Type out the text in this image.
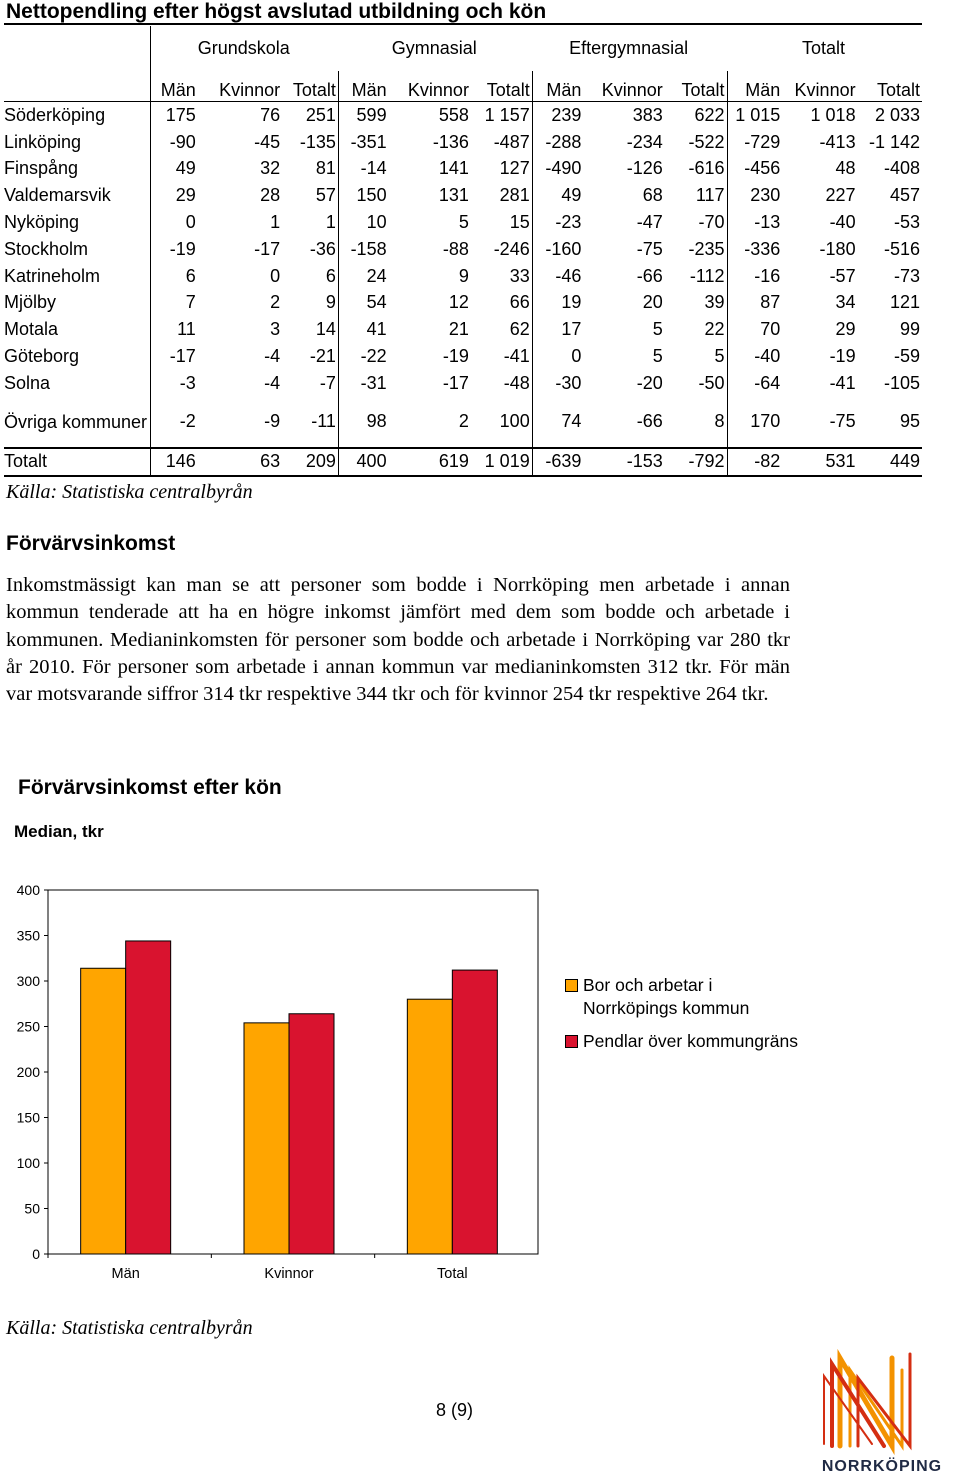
Nettopendling efter högst avslutad utbildning och kön
	Grundskola			Gymnasial			Eftergymnasial			Totalt		
	Män	Kvinnor	Totalt	Män	Kvinnor	Totalt	Män	Kvinnor	Totalt	Män	Kvinnor	Totalt
Söderköping	175	76	251	599	558	1 157	239	383	622	1 015	1 018	2 033
Linköping	-90	-45	-135	-351	-136	-487	-288	-234	-522	-729	-413	-1 142
Finspång	49	32	81	-14	141	127	-490	-126	-616	-456	48	-408
Valdemarsvik	29	28	57	150	131	281	49	68	117	230	227	457
Nyköping	0	1	1	10	5	15	-23	-47	-70	-13	-40	-53
Stockholm	-19	-17	-36	-158	-88	-246	-160	-75	-235	-336	-180	-516
Katrineholm	6	0	6	24	9	33	-46	-66	-112	-16	-57	-73
Mjölby	7	2	9	54	12	66	19	20	39	87	34	121
Motala	11	3	14	41	21	62	17	5	22	70	29	99
Göteborg	-17	-4	-21	-22	-19	-41	0	5	5	-40	-19	-59
Solna	-3	-4	-7	-31	-17	-48	-30	-20	-50	-64	-41	-105
Övriga kommuner	-2	-9	-11	98	2	100	74	-66	8	170	-75	95
Totalt	146	63	209	400	619	1 019	-639	-153	-792	-82	531	449
Källa: Statistiska centralbyrån
Förvärvsinkomst
Inkomstmässigt kan man se att personer som bodde i Norrköping men arbetade i annan kommun tenderade att ha en högre inkomst jämfört med dem som bodde och arbetade i kommunen. Medianinkomsten för personer som bodde och arbetade i Norrköping var 280 tkr år 2010. För personer som arbetade i annan kommun var medianinkomsten 312 tkr. För män var motsvarande siffror 314 tkr respektive 344 tkr och för kvinnor 254 tkr respektive 264 tkr.
Förvärvsinkomst efter kön
Median, tkr
0
50
100
150
200
250
300
350
400
Män	Kvinnor	Total
Bor och arbetar i Norrköpings kommun
Pendlar över kommungräns
Källa: Statistiska centralbyrån
8 (9)
NORRKÖPING
